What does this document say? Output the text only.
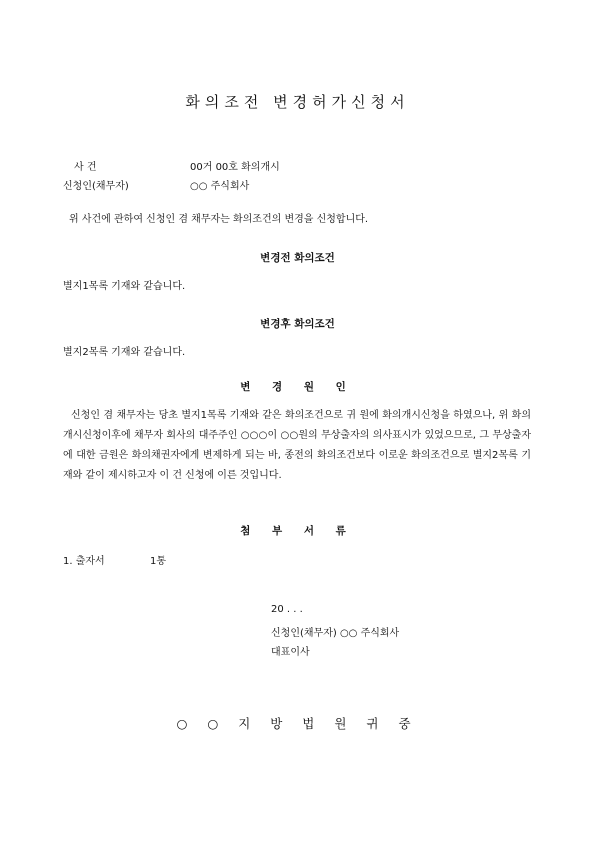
화의조전 변경허가신청서
사 건	00거 00호 화의개시
신청인(채무자)	○○ 주식회사
위 사건에 관하여 신청인 겸 채무자는 화의조건의 변경을 신청합니다.
변경전 화의조건
별지1목록 기재와 같습니다.
변경후 화의조건
별지2목록 기재와 같습니다.
변 경 원 인
신청인 겸 채무자는 당초 별지1목록 기재와 같은 화의조건으로 귀 원에 화의개시신청을 하였으나, 위 화의개시신청이후에 채무자 회사의 대주주인 ○○○이 ○○원의 무상출자의 의사표시가 있었으므로, 그 무상출자에 대한 금원은 화의채권자에게 변제하게 되는 바, 종전의 화의조건보다 이로운 화의조건으로 별지2목록 기재와 같이 제시하고자 이 건 신청에 이른 것입니다.
첨 부 서 류
1. 출자서	1통
20 . . .
신청인(채무자) ○○ 주식회사
대표이사
○ ○ 지 방 법 원 귀 중
